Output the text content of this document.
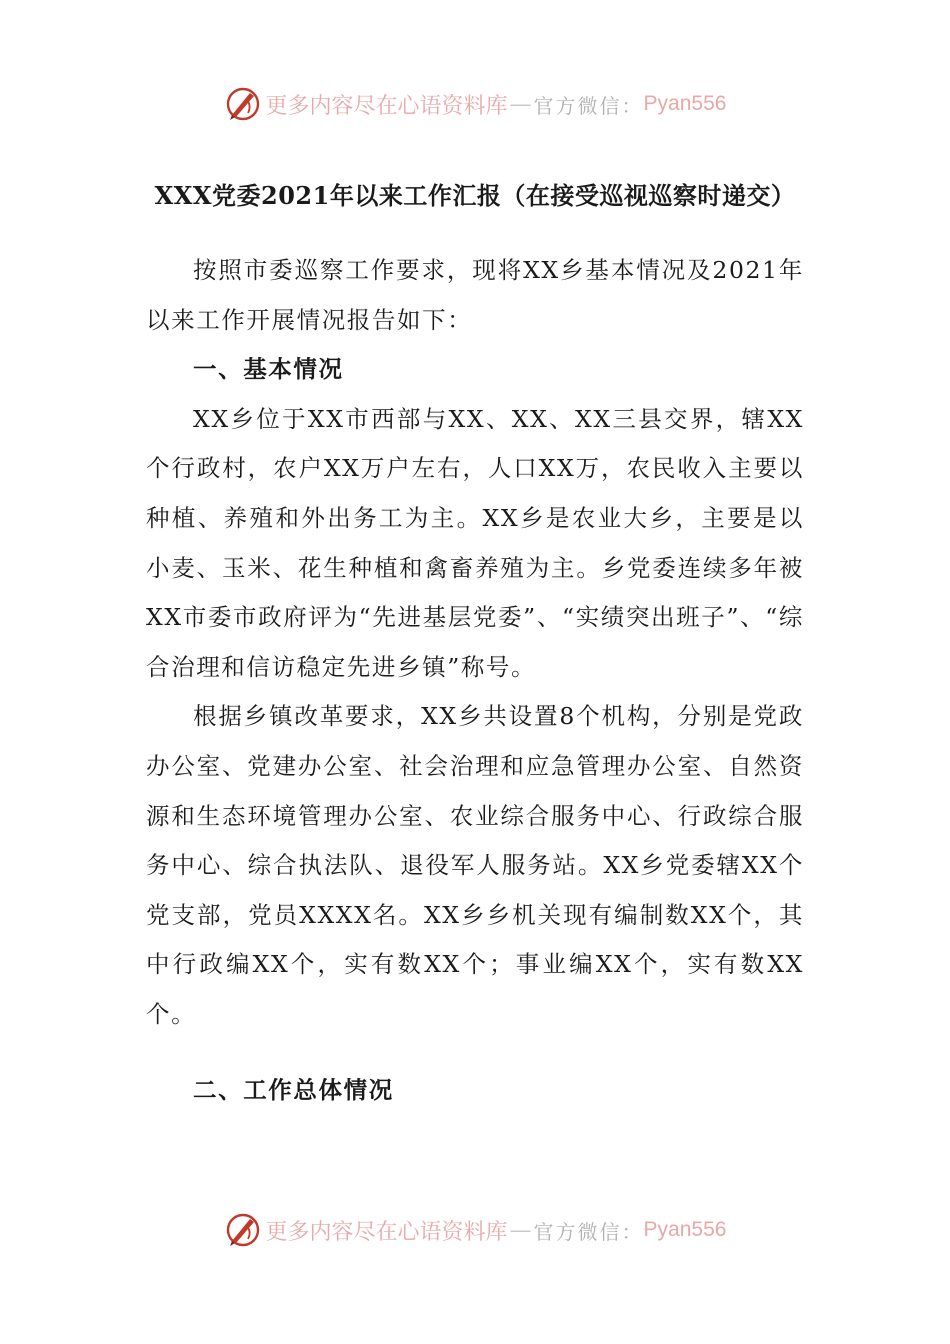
更多内容尽在心语资料库 — 官方微信： Pyan556
XXX党委2021年以来工作汇报（在接受巡视巡察时递交）

按照市委巡察工作要求，现将XX乡基本情况及2021年以来工作开展情况报告如下：

一、基本情况

XX乡位于XX市西部与XX、XX、XX三县交界，辖XX个行政村，农户XX万户左右，人口XX万，农民收入主要以种植、养殖和外出务工为主。XX乡是农业大乡，主要是以小麦、玉米、花生种植和禽畜养殖为主。乡党委连续多年被XX市委市政府评为“先进基层党委”、“实绩突出班子”、“综合治理和信访稳定先进乡镇”称号。

根据乡镇改革要求，XX乡共设置8个机构，分别是党政办公室、党建办公室、社会治理和应急管理办公室、自然资源和生态环境管理办公室、农业综合服务中心、行政综合服务中心、综合执法队、退役军人服务站。XX乡党委辖XX个党支部，党员XXXX名。XX乡乡机关现有编制数XX个，其中行政编XX个，实有数XX个；事业编XX个，实有数XX个。

二、工作总体情况

更多内容尽在心语资料库 — 官方微信： Pyan556
